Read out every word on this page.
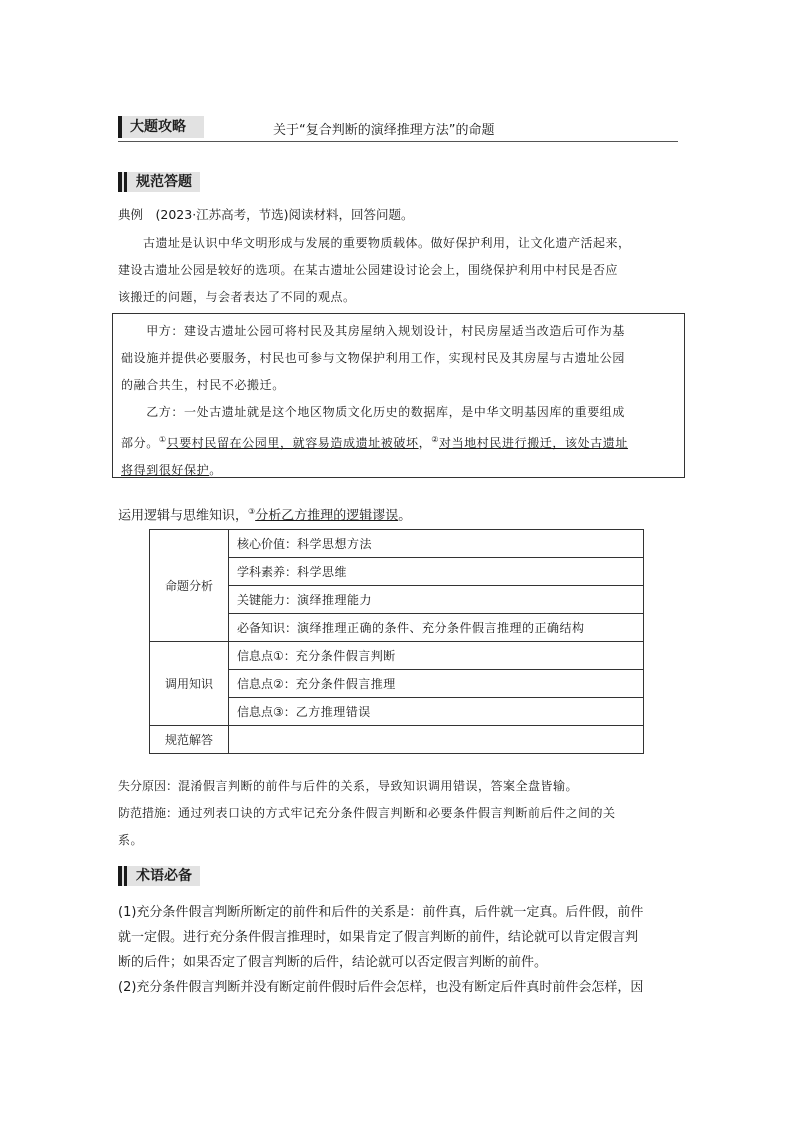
大题攻略	关于“复合判断的演绎推理方法”的命题
规范答题
典例　(2023·江苏高考，节选)阅读材料，回答问题。
　　古遗址是认识中华文明形成与发展的重要物质载体。做好保护利用，让文化遗产活起来，
建设古遗址公园是较好的选项。在某古遗址公园建设讨论会上，围绕保护利用中村民是否应
该搬迁的问题，与会者表达了不同的观点。
　　甲方：建设古遗址公园可将村民及其房屋纳入规划设计，村民房屋适当改造后可作为基
础设施并提供必要服务，村民也可参与文物保护利用工作，实现村民及其房屋与古遗址公园
的融合共生，村民不必搬迁。
　　乙方：一处古遗址就是这个地区物质文化历史的数据库，是中华文明基因库的重要组成
部分。①只要村民留在公园里，就容易造成遗址被破坏，②对当地村民进行搬迁，该处古遗址
将得到很好保护。
运用逻辑与思维知识，③分析乙方推理的逻辑谬误。
命题分析	核心价值：科学思想方法
	学科素养：科学思维
	关键能力：演绎推理能力
	必备知识：演绎推理正确的条件、充分条件假言推理的正确结构
调用知识	信息点①：充分条件假言判断
	信息点②：充分条件假言推理
	信息点③：乙方推理错误
规范解答	
失分原因：混淆假言判断的前件与后件的关系，导致知识调用错误，答案全盘皆输。
防范措施：通过列表口诀的方式牢记充分条件假言判断和必要条件假言判断前后件之间的关
系。
术语必备
(1)充分条件假言判断所断定的前件和后件的关系是：前件真，后件就一定真。后件假，前件
就一定假。进行充分条件假言推理时，如果肯定了假言判断的前件，结论就可以肯定假言判
断的后件；如果否定了假言判断的后件，结论就可以否定假言判断的前件。
(2)充分条件假言判断并没有断定前件假时后件会怎样，也没有断定后件真时前件会怎样，因
